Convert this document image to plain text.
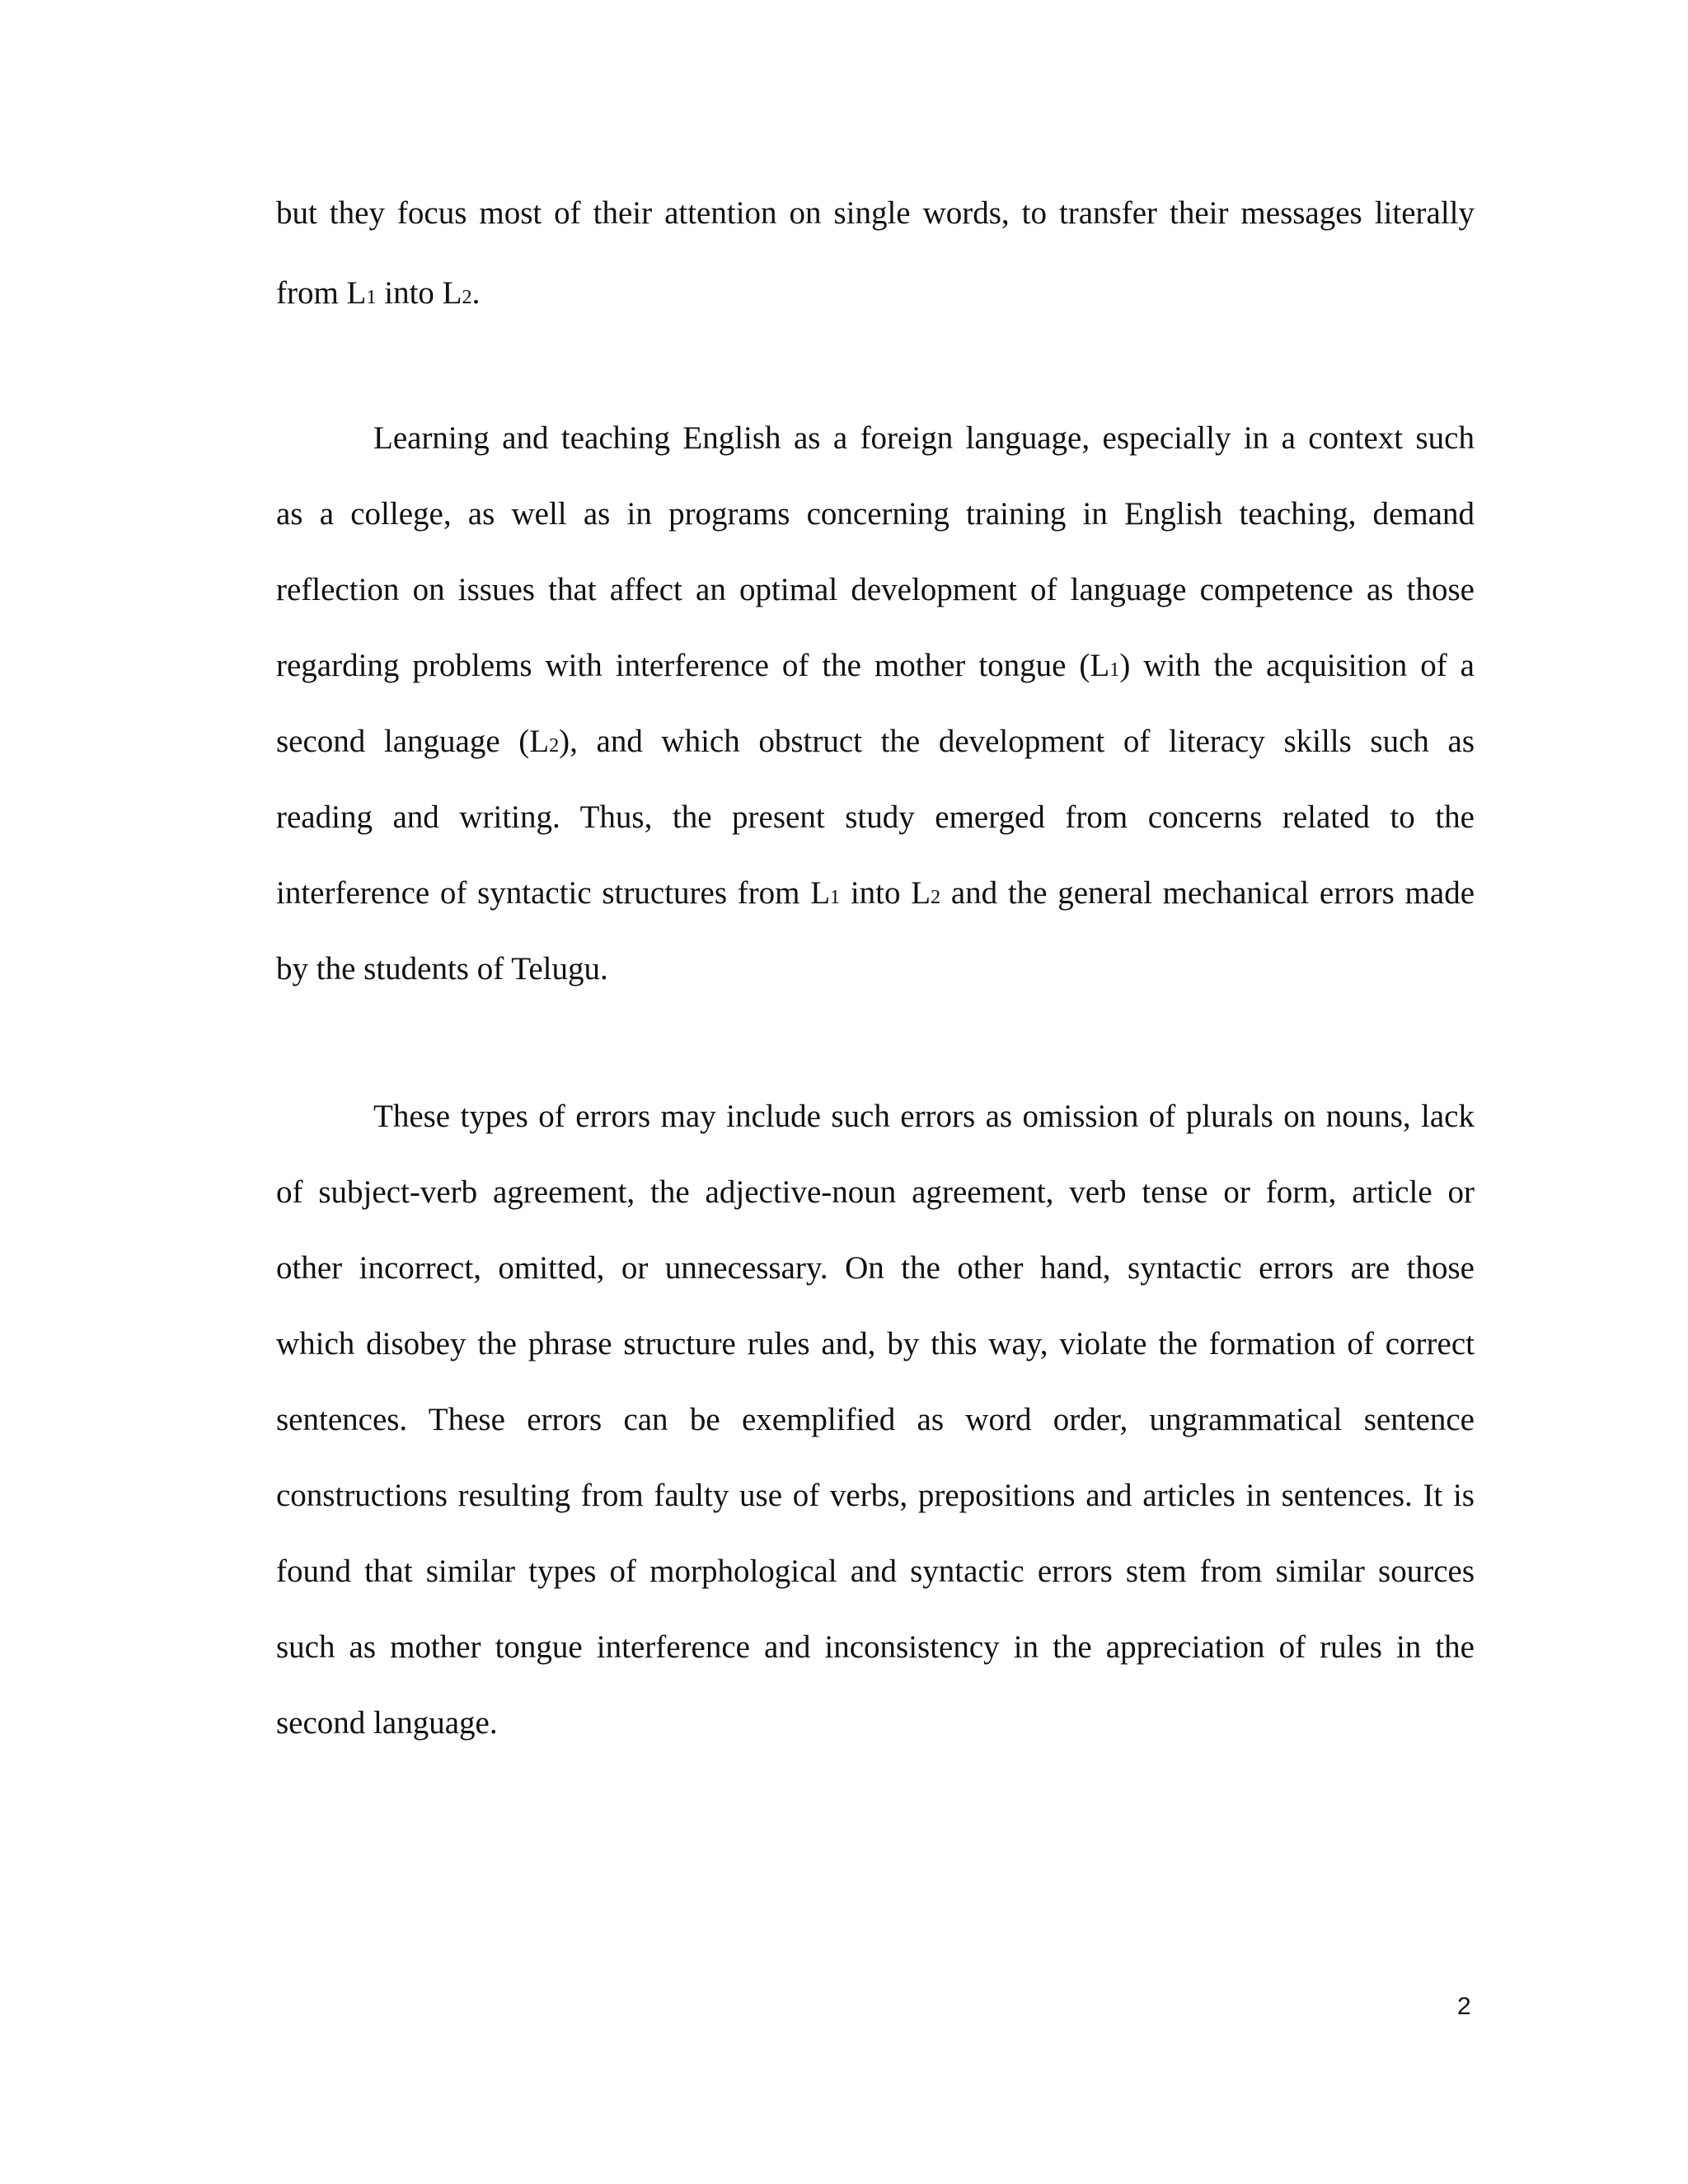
but they focus most of their attention on single words, to transfer their messages literally
from L1 into L2.
Learning and teaching English as a foreign language, especially in a context such
as a college, as well as in programs concerning training in English teaching, demand
reflection on issues that affect an optimal development of language competence as those
regarding problems with interference of the mother tongue (L1) with the acquisition of a
second language (L2), and which obstruct the development of literacy skills such as
reading and writing. Thus, the present study emerged from concerns related to the
interference of syntactic structures from L1 into L2 and the general mechanical errors made
by the students of Telugu.
These types of errors may include such errors as omission of plurals on nouns, lack
of subject-verb agreement, the adjective-noun agreement, verb tense or form, article or
other incorrect, omitted, or unnecessary. On the other hand, syntactic errors are those
which disobey the phrase structure rules and, by this way, violate the formation of correct
sentences. These errors can be exemplified as word order, ungrammatical sentence
constructions resulting from faulty use of verbs, prepositions and articles in sentences. It is
found that similar types of morphological and syntactic errors stem from similar sources
such as mother tongue interference and inconsistency in the appreciation of rules in the
second language.
2
